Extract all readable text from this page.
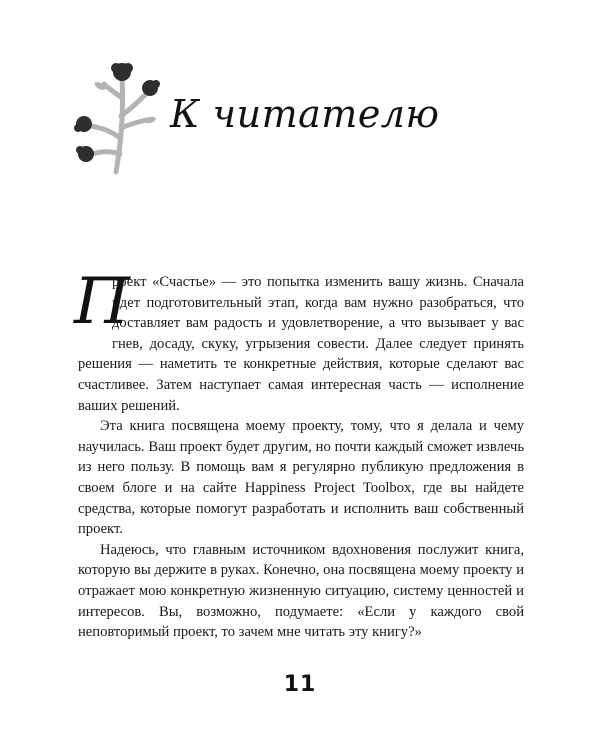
К читателю

П
роект «Счастье» — это попытка изменить вашу жизнь. Сначала идет подготовительный этап, когда вам нужно разобраться, что доставляет вам радость и удовлетворение, а что вызывает у вас гнев, досаду, скуку, угрызения совести. Далее следует принять решения — наметить те конкретные действия, которые сделают вас счастливее. Затем наступает самая интересная часть — исполнение ваших решений.

Эта книга посвящена моему проекту, тому, что я делала и чему научилась. Ваш проект будет другим, но почти каждый сможет извлечь из него пользу. В помощь вам я регулярно публикую предложения в своем блоге и на сайте Happiness Project Toolbox, где вы найдете средства, которые помогут разработать и исполнить ваш собственный проект.

Надеюсь, что главным источником вдохновения послужит книга, которую вы держите в руках. Конечно, она посвящена моему проекту и отражает мою конкретную жизненную ситуацию, систему ценностей и интересов. Вы, возможно, подумаете: «Если у каждого свой неповторимый проект, то зачем мне читать эту книгу?»

11
